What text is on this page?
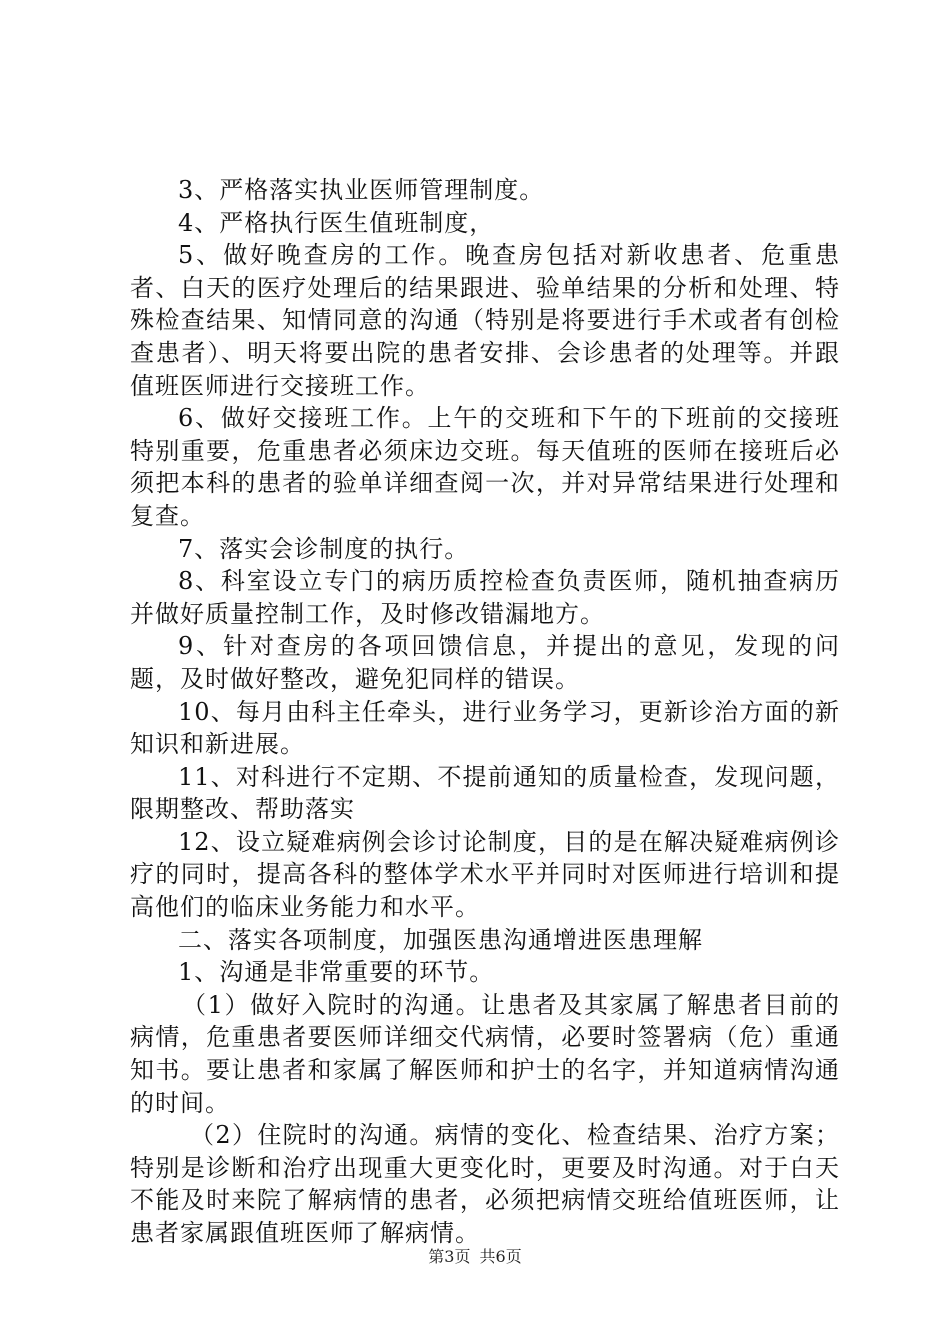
3、严格落实执业医师管理制度。

4、严格执行医生值班制度，

5、做好晚查房的工作。晚查房包括对新收患者、危重患者、白天的医疗处理后的结果跟进、验单结果的分析和处理、特殊检查结果、知情同意的沟通（特别是将要进行手术或者有创检查患者）、明天将要出院的患者安排、会诊患者的处理等。并跟值班医师进行交接班工作。

6、做好交接班工作。上午的交班和下午的下班前的交接班特别重要，危重患者必须床边交班。每天值班的医师在接班后必须把本科的患者的验单详细查阅一次，并对异常结果进行处理和复查。

7、落实会诊制度的执行。

8、科室设立专门的病历质控检查负责医师，随机抽查病历并做好质量控制工作，及时修改错漏地方。

9、针对查房的各项回馈信息，并提出的意见，发现的问题，及时做好整改，避免犯同样的错误。

10、每月由科主任牵头，进行业务学习，更新诊治方面的新知识和新进展。

11、对科进行不定期、不提前通知的质量检查，发现问题，限期整改、帮助落实

12、设立疑难病例会诊讨论制度，目的是在解决疑难病例诊疗的同时，提高各科的整体学术水平并同时对医师进行培训和提高他们的临床业务能力和水平。

二、落实各项制度，加强医患沟通增进医患理解

1、沟通是非常重要的环节。

（1）做好入院时的沟通。让患者及其家属了解患者目前的病情，危重患者要医师详细交代病情，必要时签署病（危）重通知书。要让患者和家属了解医师和护士的名字，并知道病情沟通的时间。

（2）住院时的沟通。病情的变化、检查结果、治疗方案；特别是诊断和治疗出现重大更变化时，更要及时沟通。对于白天不能及时来院了解病情的患者，必须把病情交班给值班医师，让患者家属跟值班医师了解病情。

第3页 共6页
